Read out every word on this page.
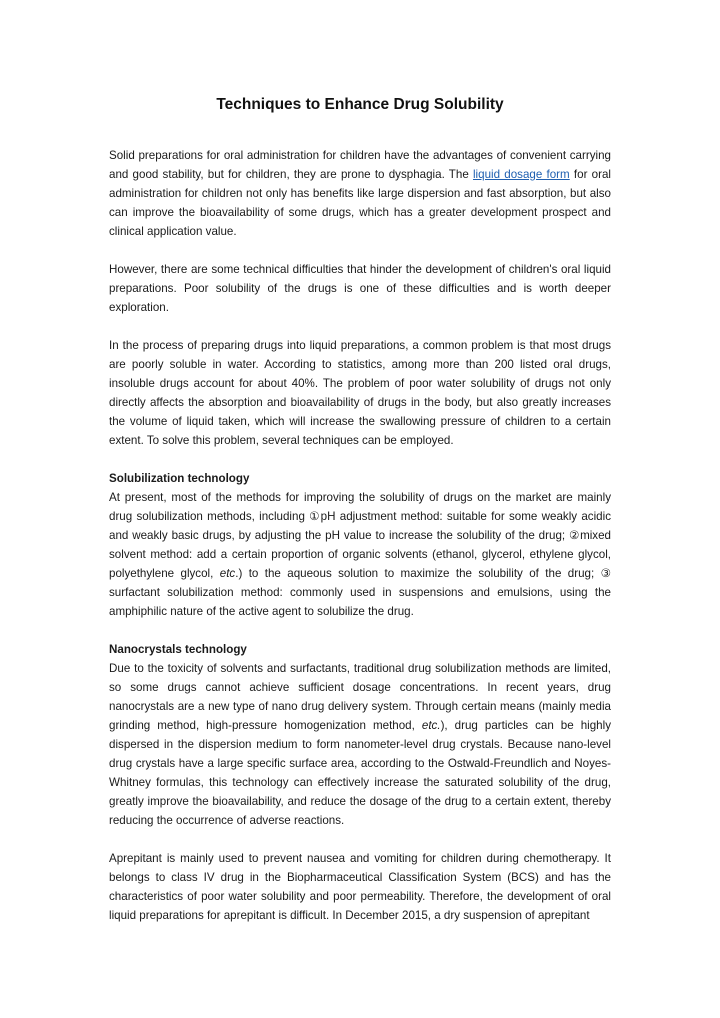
Techniques to Enhance Drug Solubility

Solid preparations for oral administration for children have the advantages of convenient carrying and good stability, but for children, they are prone to dysphagia. The liquid dosage form for oral administration for children not only has benefits like large dispersion and fast absorption, but also can improve the bioavailability of some drugs, which has a greater development prospect and clinical application value.

However, there are some technical difficulties that hinder the development of children's oral liquid preparations. Poor solubility of the drugs is one of these difficulties and is worth deeper exploration.

In the process of preparing drugs into liquid preparations, a common problem is that most drugs are poorly soluble in water. According to statistics, among more than 200 listed oral drugs, insoluble drugs account for about 40%. The problem of poor water solubility of drugs not only directly affects the absorption and bioavailability of drugs in the body, but also greatly increases the volume of liquid taken, which will increase the swallowing pressure of children to a certain extent. To solve this problem, several techniques can be employed.

Solubilization technology

At present, most of the methods for improving the solubility of drugs on the market are mainly drug solubilization methods, including ①pH adjustment method: suitable for some weakly acidic and weakly basic drugs, by adjusting the pH value to increase the solubility of the drug; ②mixed solvent method: add a certain proportion of organic solvents (ethanol, glycerol, ethylene glycol, polyethylene glycol, etc.) to the aqueous solution to maximize the solubility of the drug; ③ surfactant solubilization method: commonly used in suspensions and emulsions, using the amphiphilic nature of the active agent to solubilize the drug.

Nanocrystals technology

Due to the toxicity of solvents and surfactants, traditional drug solubilization methods are limited, so some drugs cannot achieve sufficient dosage concentrations. In recent years, drug nanocrystals are a new type of nano drug delivery system. Through certain means (mainly media grinding method, high-pressure homogenization method, etc.), drug particles can be highly dispersed in the dispersion medium to form nanometer-level drug crystals. Because nano-level drug crystals have a large specific surface area, according to the Ostwald-Freundlich and Noyes-Whitney formulas, this technology can effectively increase the saturated solubility of the drug, greatly improve the bioavailability, and reduce the dosage of the drug to a certain extent, thereby reducing the occurrence of adverse reactions.

Aprepitant is mainly used to prevent nausea and vomiting for children during chemotherapy. It belongs to class IV drug in the Biopharmaceutical Classification System (BCS) and has the characteristics of poor water solubility and poor permeability. Therefore, the development of oral liquid preparations for aprepitant is difficult. In December 2015, a dry suspension of aprepitant
